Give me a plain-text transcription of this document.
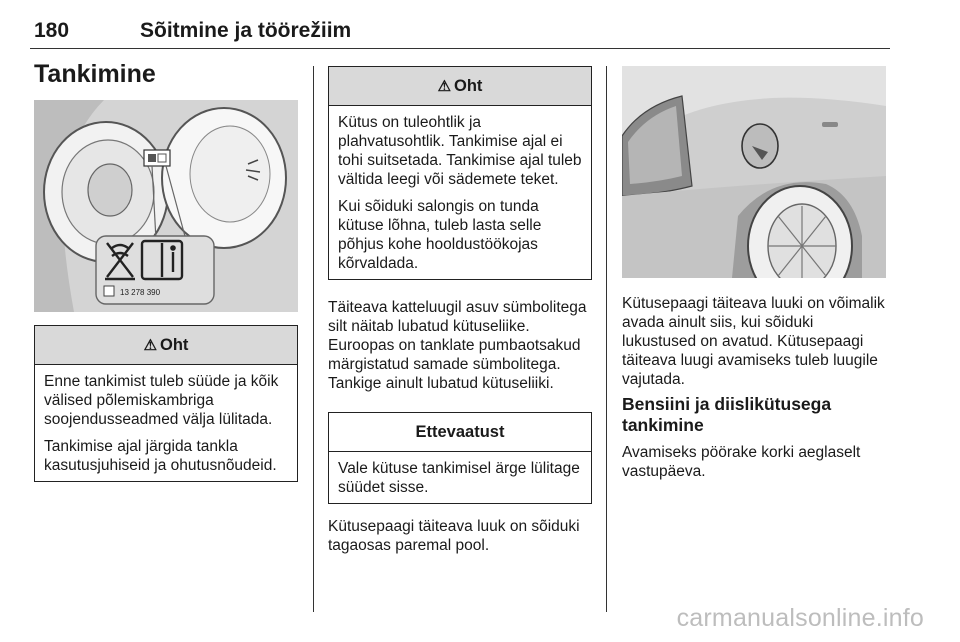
180	Sõitmine ja töörežiim
Tankimine
13 278 390
⚠ Oht

Enne tankimist tuleb süüde ja kõik välised põlemiskambriga soojendusseadmed välja lülitada.

Tankimise ajal järgida tankla kasutusjuhiseid ja ohutusnõudeid.

⚠ Oht

Kütus on tuleohtlik ja plahvatusohtlik. Tankimise ajal ei tohi suitsetada. Tankimise ajal tuleb vältida leegi või sädemete teket.

Kui sõiduki salongis on tunda kütuse lõhna, tuleb lasta selle põhjus kohe hooldustöökojas kõrvaldada.

Täiteava katteluugil asuv sümbolitega silt näitab lubatud kütuseliike. Euroopas on tanklate pumbaotsakud märgistatud samade sümbolitega. Tankige ainult lubatud kütuseliiki.

Ettevaatust
Vale kütuse tankimisel ärge lülitage süüdet sisse.

Kütusepaagi täiteava luuk on sõiduki tagaosas paremal pool.

Kütusepaagi täiteava luuki on võimalik avada ainult siis, kui sõiduki lukustused on avatud. Kütusepaagi täiteava luugi avamiseks tuleb luugile vajutada.

Bensiini ja diislikütusega tankimine

Avamiseks pöörake korki aeglaselt vastupäeva.

carmanualsonline.info
